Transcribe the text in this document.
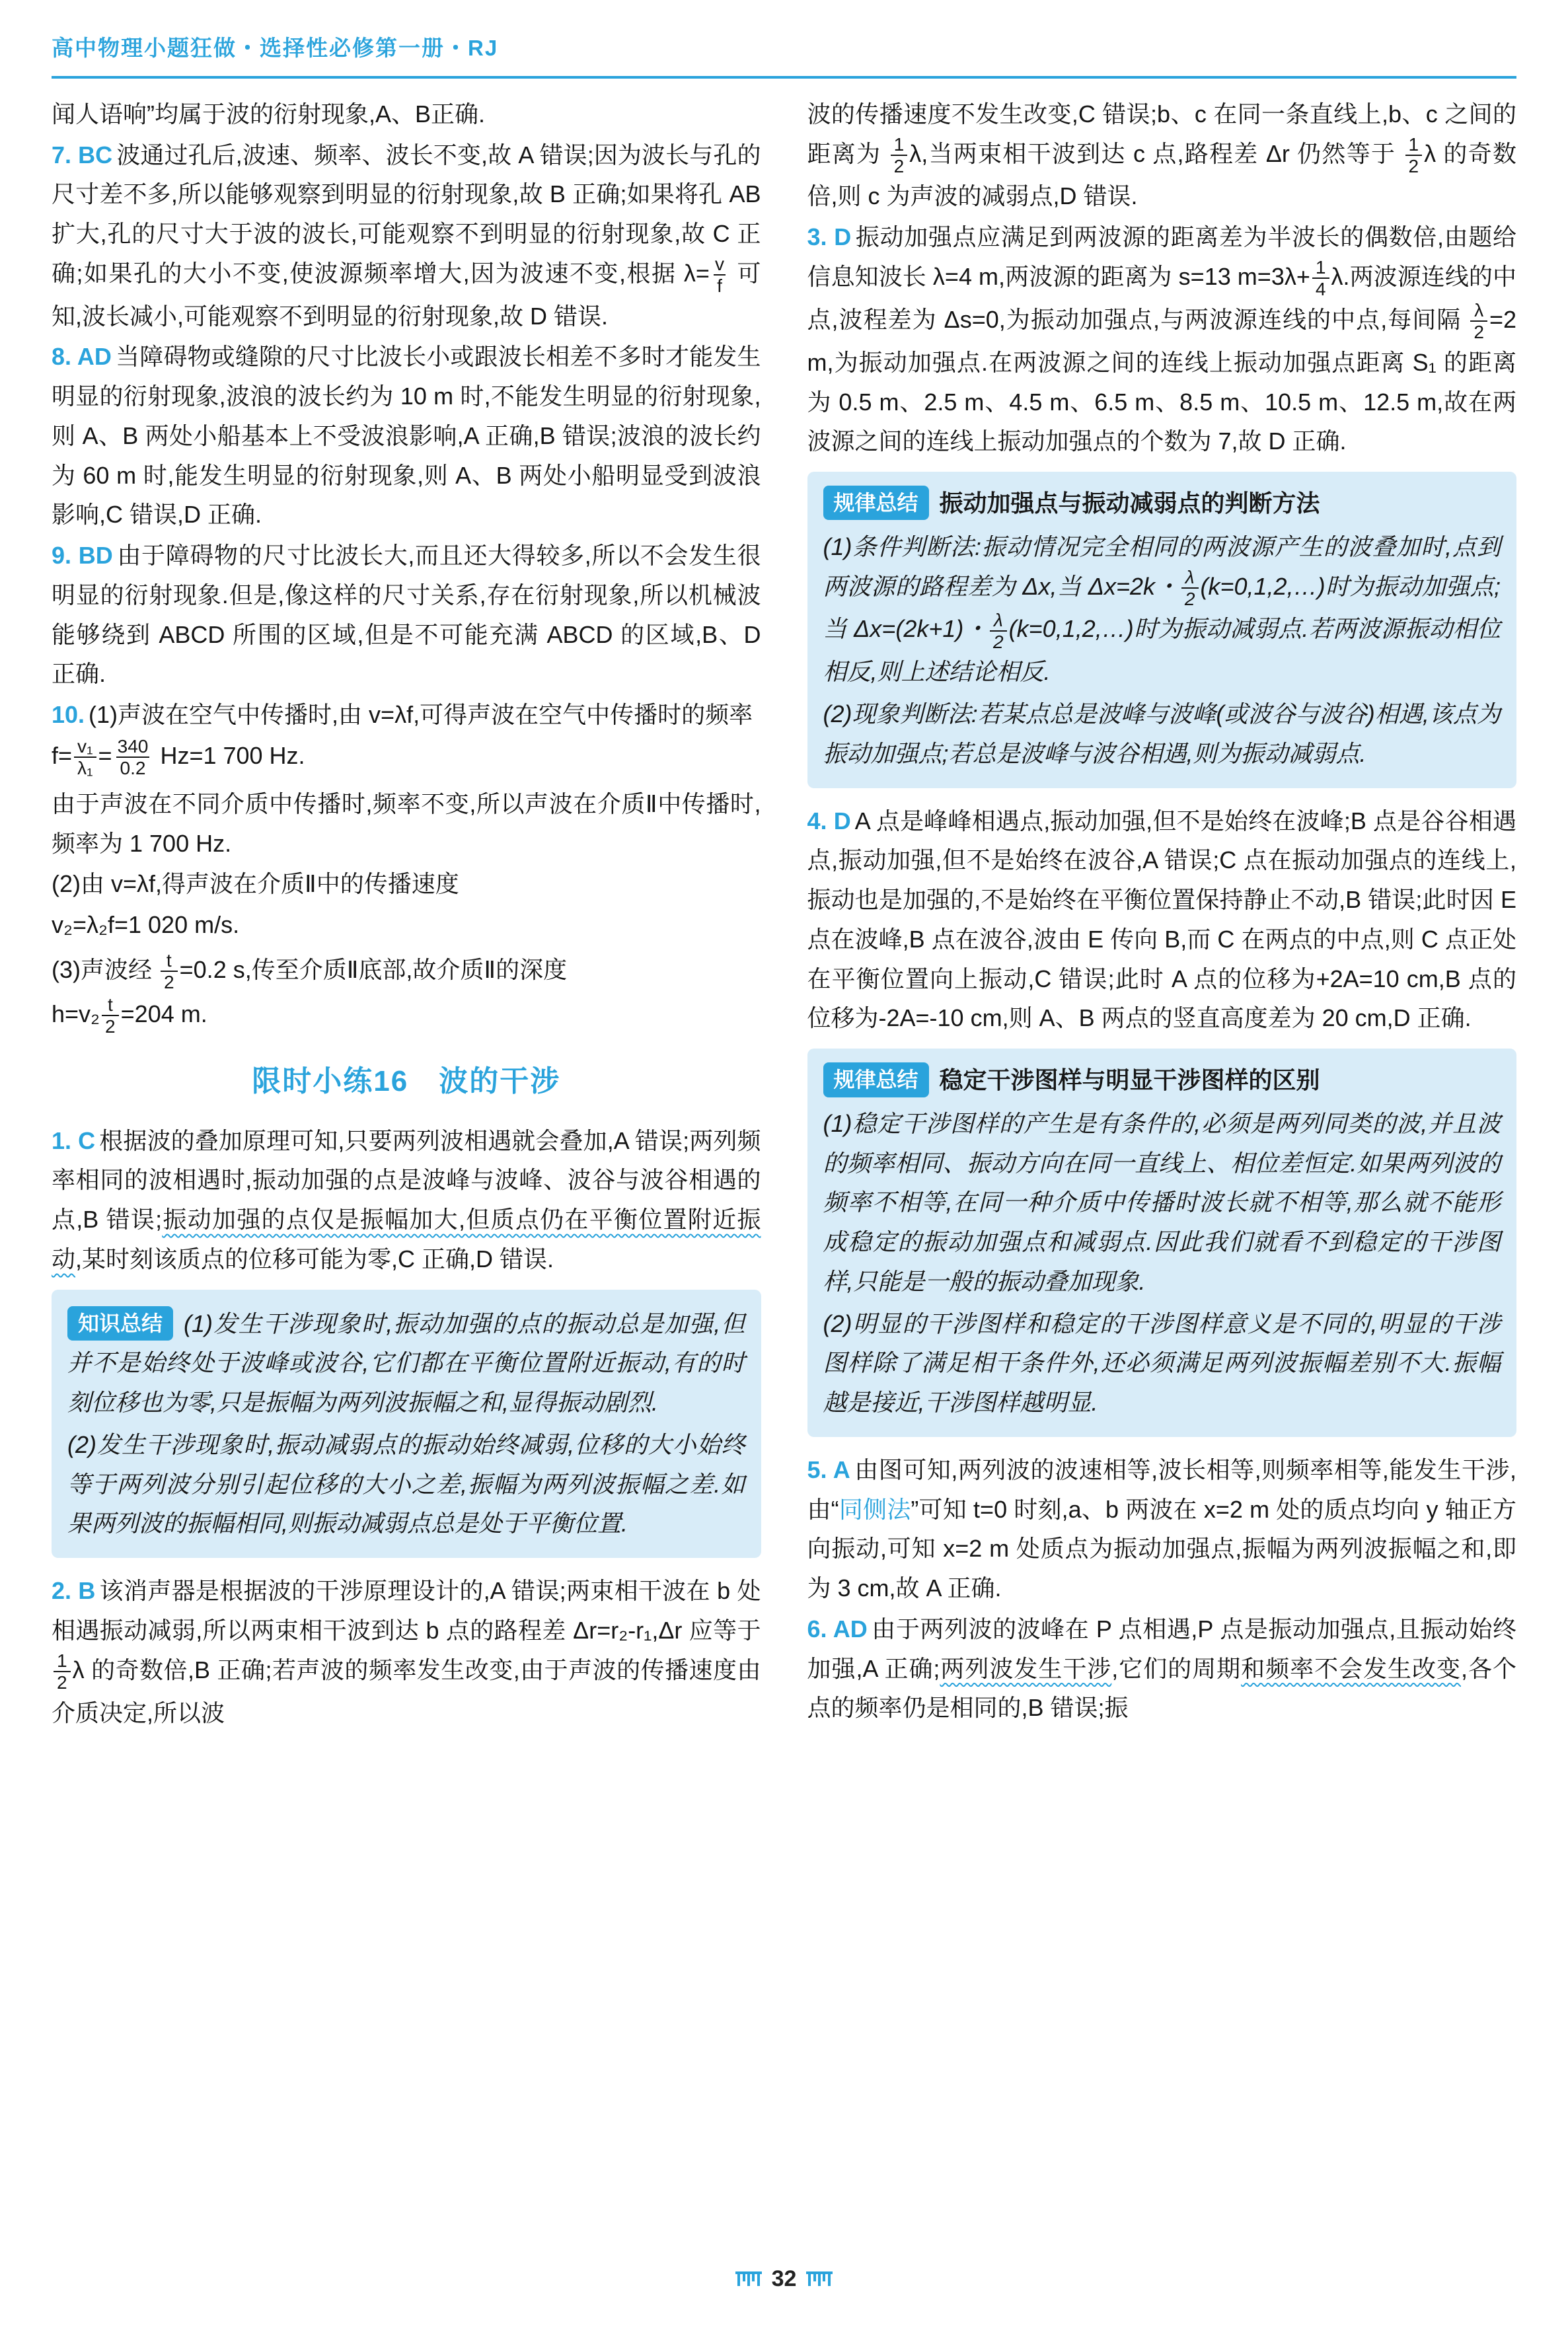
高中物理小题狂做・选择性必修第一册・RJ

闻人语响”均属于波的衍射现象,A、B正确.

7. BC 波通过孔后,波速、频率、波长不变,故 A 错误;因为波长与孔的尺寸差不多,所以能够观察到明显的衍射现象,故 B 正确;如果将孔 AB 扩大,孔的尺寸大于波的波长,可能观察不到明显的衍射现象,故 C 正确;如果孔的大小不变,使波源频率增大,因为波速不变,根据 $\lambda= \frac{v}{f}$ 可知,波长减小,可能观察不到明显的衍射现象,故 D 错误.

8. AD 当障碍物或缝隙的尺寸比波长小或跟波长相差不多时才能发生明显的衍射现象,波浪的波长约为 10 m 时,不能发生明显的衍射现象,则 A、B 两处小船基本上不受波浪影响,A 正确,B 错误;波浪的波长约为 60 m 时,能发生明显的衍射现象,则 A、B 两处小船明显受到波浪影响,C 错误,D 正确.

9. BD 由于障碍物的尺寸比波长大,而且还大得较多,所以不会发生很明显的衍射现象.但是,像这样的尺寸关系,存在衍射现象,所以机械波能够绕到 ABCD 所围的区域,但是不可能充满 ABCD 的区域,B、D 正确.

10. (1)声波在空气中传播时,由 v=λf,可得声波在空气中传播时的频率

$f= \frac{\text{v₁}}{\text{λ₁}} = \frac{340}{0.2} Hz=1$ 700 Hz.

由于声波在不同介质中传播时,频率不变,所以声波在介质Ⅱ中传播时,频率为 1 700 Hz.

(2)由 v=λf,得声波在介质Ⅱ中的传播速度

v₂=λ₂f=1 020 m/s.

(3)声波经 $\frac{t}{2} =0.2$ s,传至介质Ⅱ底部,故介质Ⅱ的深度

$h=v_2 \frac{t}{2} =204$ m.

限时小练16　波的干涉

1. C 根据波的叠加原理可知,只要两列波相遇就会叠加,A 错误;两列频率相同的波相遇时,振动加强的点是波峰与波峰、波谷与波谷相遇的点,B 错误;振动加强的点仅是振幅加大,但质点仍在平衡位置附近振动,某时刻该质点的位移可能为零,C 正确,D 错误.

知识总结 (1)发生干涉现象时,振动加强的点的振动总是加强,但并不是始终处于波峰或波谷,它们都在平衡位置附近振动,有的时刻位移也为零,只是振幅为两列波振幅之和,显得振动剧烈.

(2)发生干涉现象时,振动减弱点的振动始终减弱,位移的大小始终等于两列波分别引起位移的大小之差,振幅为两列波振幅之差.如果两列波的振幅相同,则振动减弱点总是处于平衡位置.

2. B 该消声器是根据波的干涉原理设计的,A 错误;两束相干波在 b 处相遇振动减弱,所以两束相干波到达 b 点的路程差 Δr=r₂-r₁,Δr 应等于
$\frac{1}{2}$ λ 的奇数倍,B 正确;若声波的频率发生改变,由于声波的传播速度由介质决定,所以波

波的传播速度不发生改变,C 错误;b、c 在同一条直线上,b、c 之间的距离为 $\frac{1}{2} \lambda$,当两束相干波到达 c 点,路程差 Δr 仍然等于 $\frac{1}{2}$ λ 的奇数倍,则 c 为声波的减弱点,D 错误.

3. D 振动加强点应满足到两波源的距离差为半波长的偶数倍,由题给信息知波长 λ=4 m,两波源的距离为 s=13 $m=3\lambda+ \frac{1}{4} \lambda$.两波源连线的中点,波程差为 Δs=0,为振动加强点,与两波源连线的中点,每间隔 $\frac{\lambda}{2} =2$ m,为振动加强点.在两波源之间的连线上振动加强点距离 S₁ 的距离为 0.5 m、2.5 m、4.5 m、6.5 m、8.5 m、10.5 m、12.5 m,故在两波源之间的连线上振动加强点的个数为 7,故 D 正确.

规律总结 振动加强点与振动减弱点的判断方法

(1)条件判断法:振动情况完全相同的两波源产生的波叠加时,点到两波源的路程差为 Δx,当 Δx=2k・ $\frac{\lambda}{2}$ (k=0,1,2,…)时为振动加强点;当 Δx=(2k+1)・ $\frac{\lambda}{2}$ (k=0,1,2,…)时为振动减弱点.若两波源振动相位相反,则上述结论相反.

(2)现象判断法:若某点总是波峰与波峰(或波谷与波谷)相遇,该点为振动加强点;若总是波峰与波谷相遇,则为振动减弱点.

4. D A 点是峰峰相遇点,振动加强,但不是始终在波峰;B 点是谷谷相遇点,振动加强,但不是始终在波谷,A 错误;C 点在振动加强点的连线上,振动也是加强的,不是始终在平衡位置保持静止不动,B 错误;此时因 E 点在波峰,B 点在波谷,波由 E 传向 B,而 C 在两点的中点,则 C 点正处在平衡位置向上振动,C 错误;此时 A 点的位移为+2A=10 cm,B 点的位移为-2A=-10 cm,则 A、B 两点的竖直高度差为 20 cm,D 正确.

规律总结 稳定干涉图样与明显干涉图样的区别

(1)稳定干涉图样的产生是有条件的,必须是两列同类的波,并且波的频率相同、振动方向在同一直线上、相位差恒定.如果两列波的频率不相等,在同一种介质中传播时波长就不相等,那么就不能形成稳定的振动加强点和减弱点.因此我们就看不到稳定的干涉图样,只能是一般的振动叠加现象.

(2)明显的干涉图样和稳定的干涉图样意义是不同的,明显的干涉图样除了满足相干条件外,还必须满足两列波振幅差别不大.振幅越是接近,干涉图样越明显.

5. A 由图可知,两列波的波速相等,波长相等,则频率相等,能发生干涉,由“同侧法”可知 t=0 时刻,a、b 两波在 x=2 m 处的质点均向 y 轴正方向振动,可知 x=2 m 处质点为振动加强点,振幅为两列波振幅之和,即为 3 cm,故 A 正确.

6. AD 由于两列波的波峰在 P 点相遇,P 点是振动加强点,且振动始终加强,A 正确;两列波发生干涉,它们的周期和频率不会发生改变,各个点的频率仍是相同的,B 错误;振

32
